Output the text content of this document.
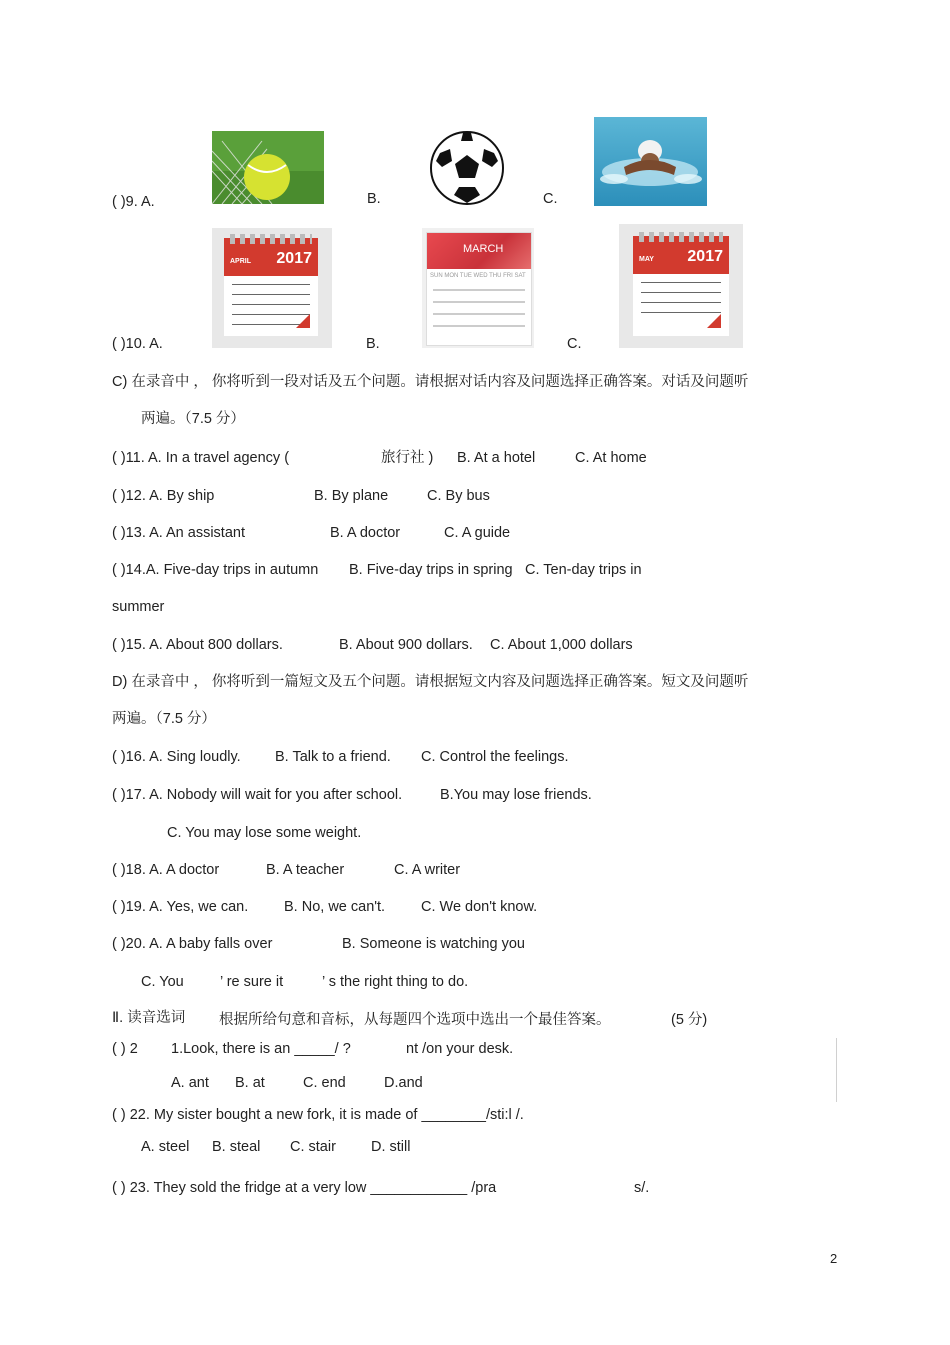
( )9. A.	B.	C.
( )10. A.
APRIL 2017
B.
MARCH
SUN MON TUE WED THU FRI SAT
C.
MAY 2017
C) 在录音中 ， 你将听到一段对话及五个问题。请根据对话内容及问题选择正确答案。对话及问题听
两遍。（7.5 分）
( )11. A. In a travel agency (	旅行社 ) B. At a hotel	C. At home
( )12. A. By ship	B. By plane	C. By bus
( )13. A. An assistant	B. A doctor	C. A guide
( )14.A. Five-day trips in autumn B. Five-day trips in spring C. Ten-day trips in
summer
( )15. A. About 800 dollars.	B. About 900 dollars. C. About 1,000 dollars
D) 在录音中 ， 你将听到一篇短文及五个问题。请根据短文内容及问题选择正确答案。短文及问题听
两遍。（7.5 分）
( )16. A. Sing loudly. B. Talk to a friend. C. Control the feelings.
( )17. A. Nobody will wait for you after school.	B.You may lose friends.
C. You may lose some weight.
( )18. A. A doctor	B. A teacher	C. A writer
( )19. A. Yes, we can. B. No, we can't. C. We don't know.
( )20. A. A baby falls over	B. Someone is watching you
C. You	’ re sure it	’ s the right thing to do.
Ⅱ. 读音选词 根据所给句意和音标，从每题四个选项中选出一个最佳答案。	(5 分)
( ) 2 1.Look, there is an _____/ ?	nt /on your desk.
A. ant B. at	C. end	D.and
( ) 22. My sister bought a new fork, it is made of ________/sti:l /.
A. steel B. steal C. stair D. still
( ) 23. They sold the fridge at a very low ____________ /pra	s/.
2
